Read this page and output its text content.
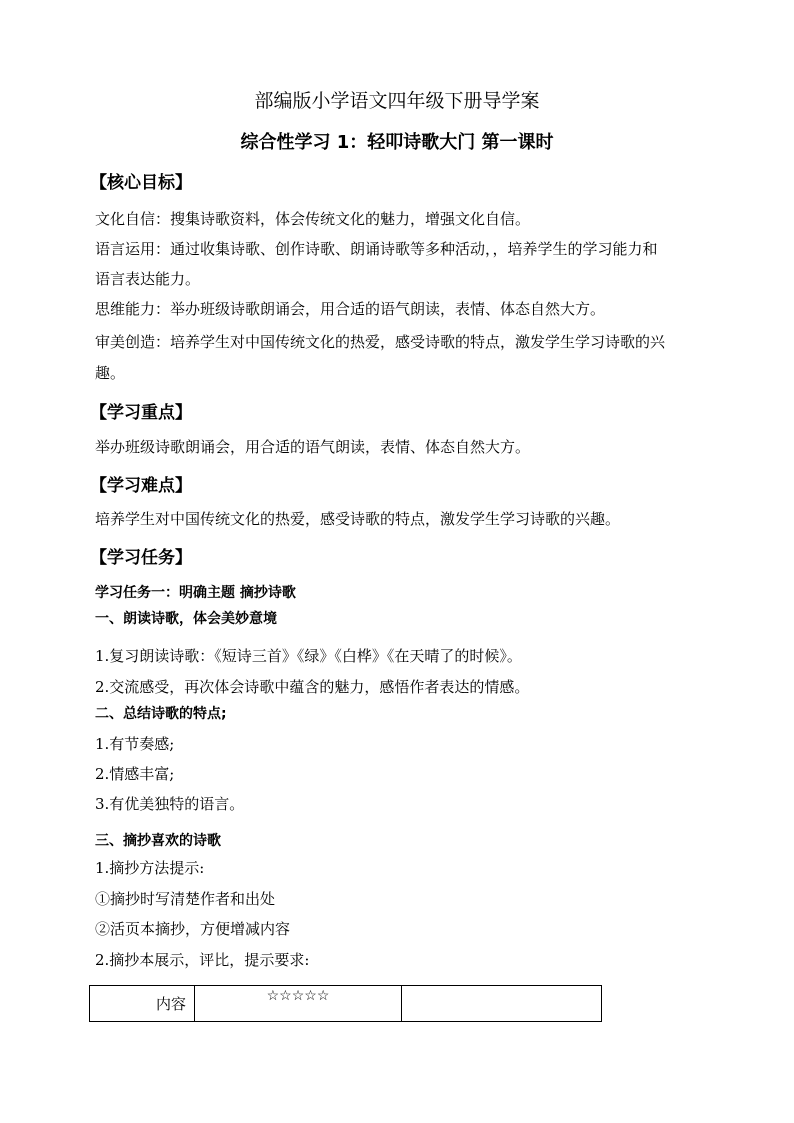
部编版小学语文四年级下册导学案
综合性学习 1：轻叩诗歌大门 第一课时
【核心目标】
文化自信：搜集诗歌资料，体会传统文化的魅力，增强文化自信。
语言运用：通过收集诗歌、创作诗歌、朗诵诗歌等多种活动，，培养学生的学习能力和
语言表达能力。
思维能力：举办班级诗歌朗诵会，用合适的语气朗读，表情、体态自然大方。
审美创造：培养学生对中国传统文化的热爱，感受诗歌的特点，激发学生学习诗歌的兴
趣。
【学习重点】
举办班级诗歌朗诵会，用合适的语气朗读，表情、体态自然大方。
【学习难点】
培养学生对中国传统文化的热爱，感受诗歌的特点，激发学生学习诗歌的兴趣。
【学习任务】
学习任务一：明确主题 摘抄诗歌
一、朗读诗歌，体会美妙意境
1.复习朗读诗歌：《短诗三首》《绿》《白桦》《在天晴了的时候》。
2.交流感受，再次体会诗歌中蕴含的魅力，感悟作者表达的情感。
二、总结诗歌的特点;
1.有节奏感;
2.情感丰富;
3.有优美独特的语言。
三、摘抄喜欢的诗歌
1.摘抄方法提示:
①摘抄时写清楚作者和出处
②活页本摘抄，方便增减内容
2.摘抄本展示，评比，提示要求:
内容	☆☆☆☆☆	
